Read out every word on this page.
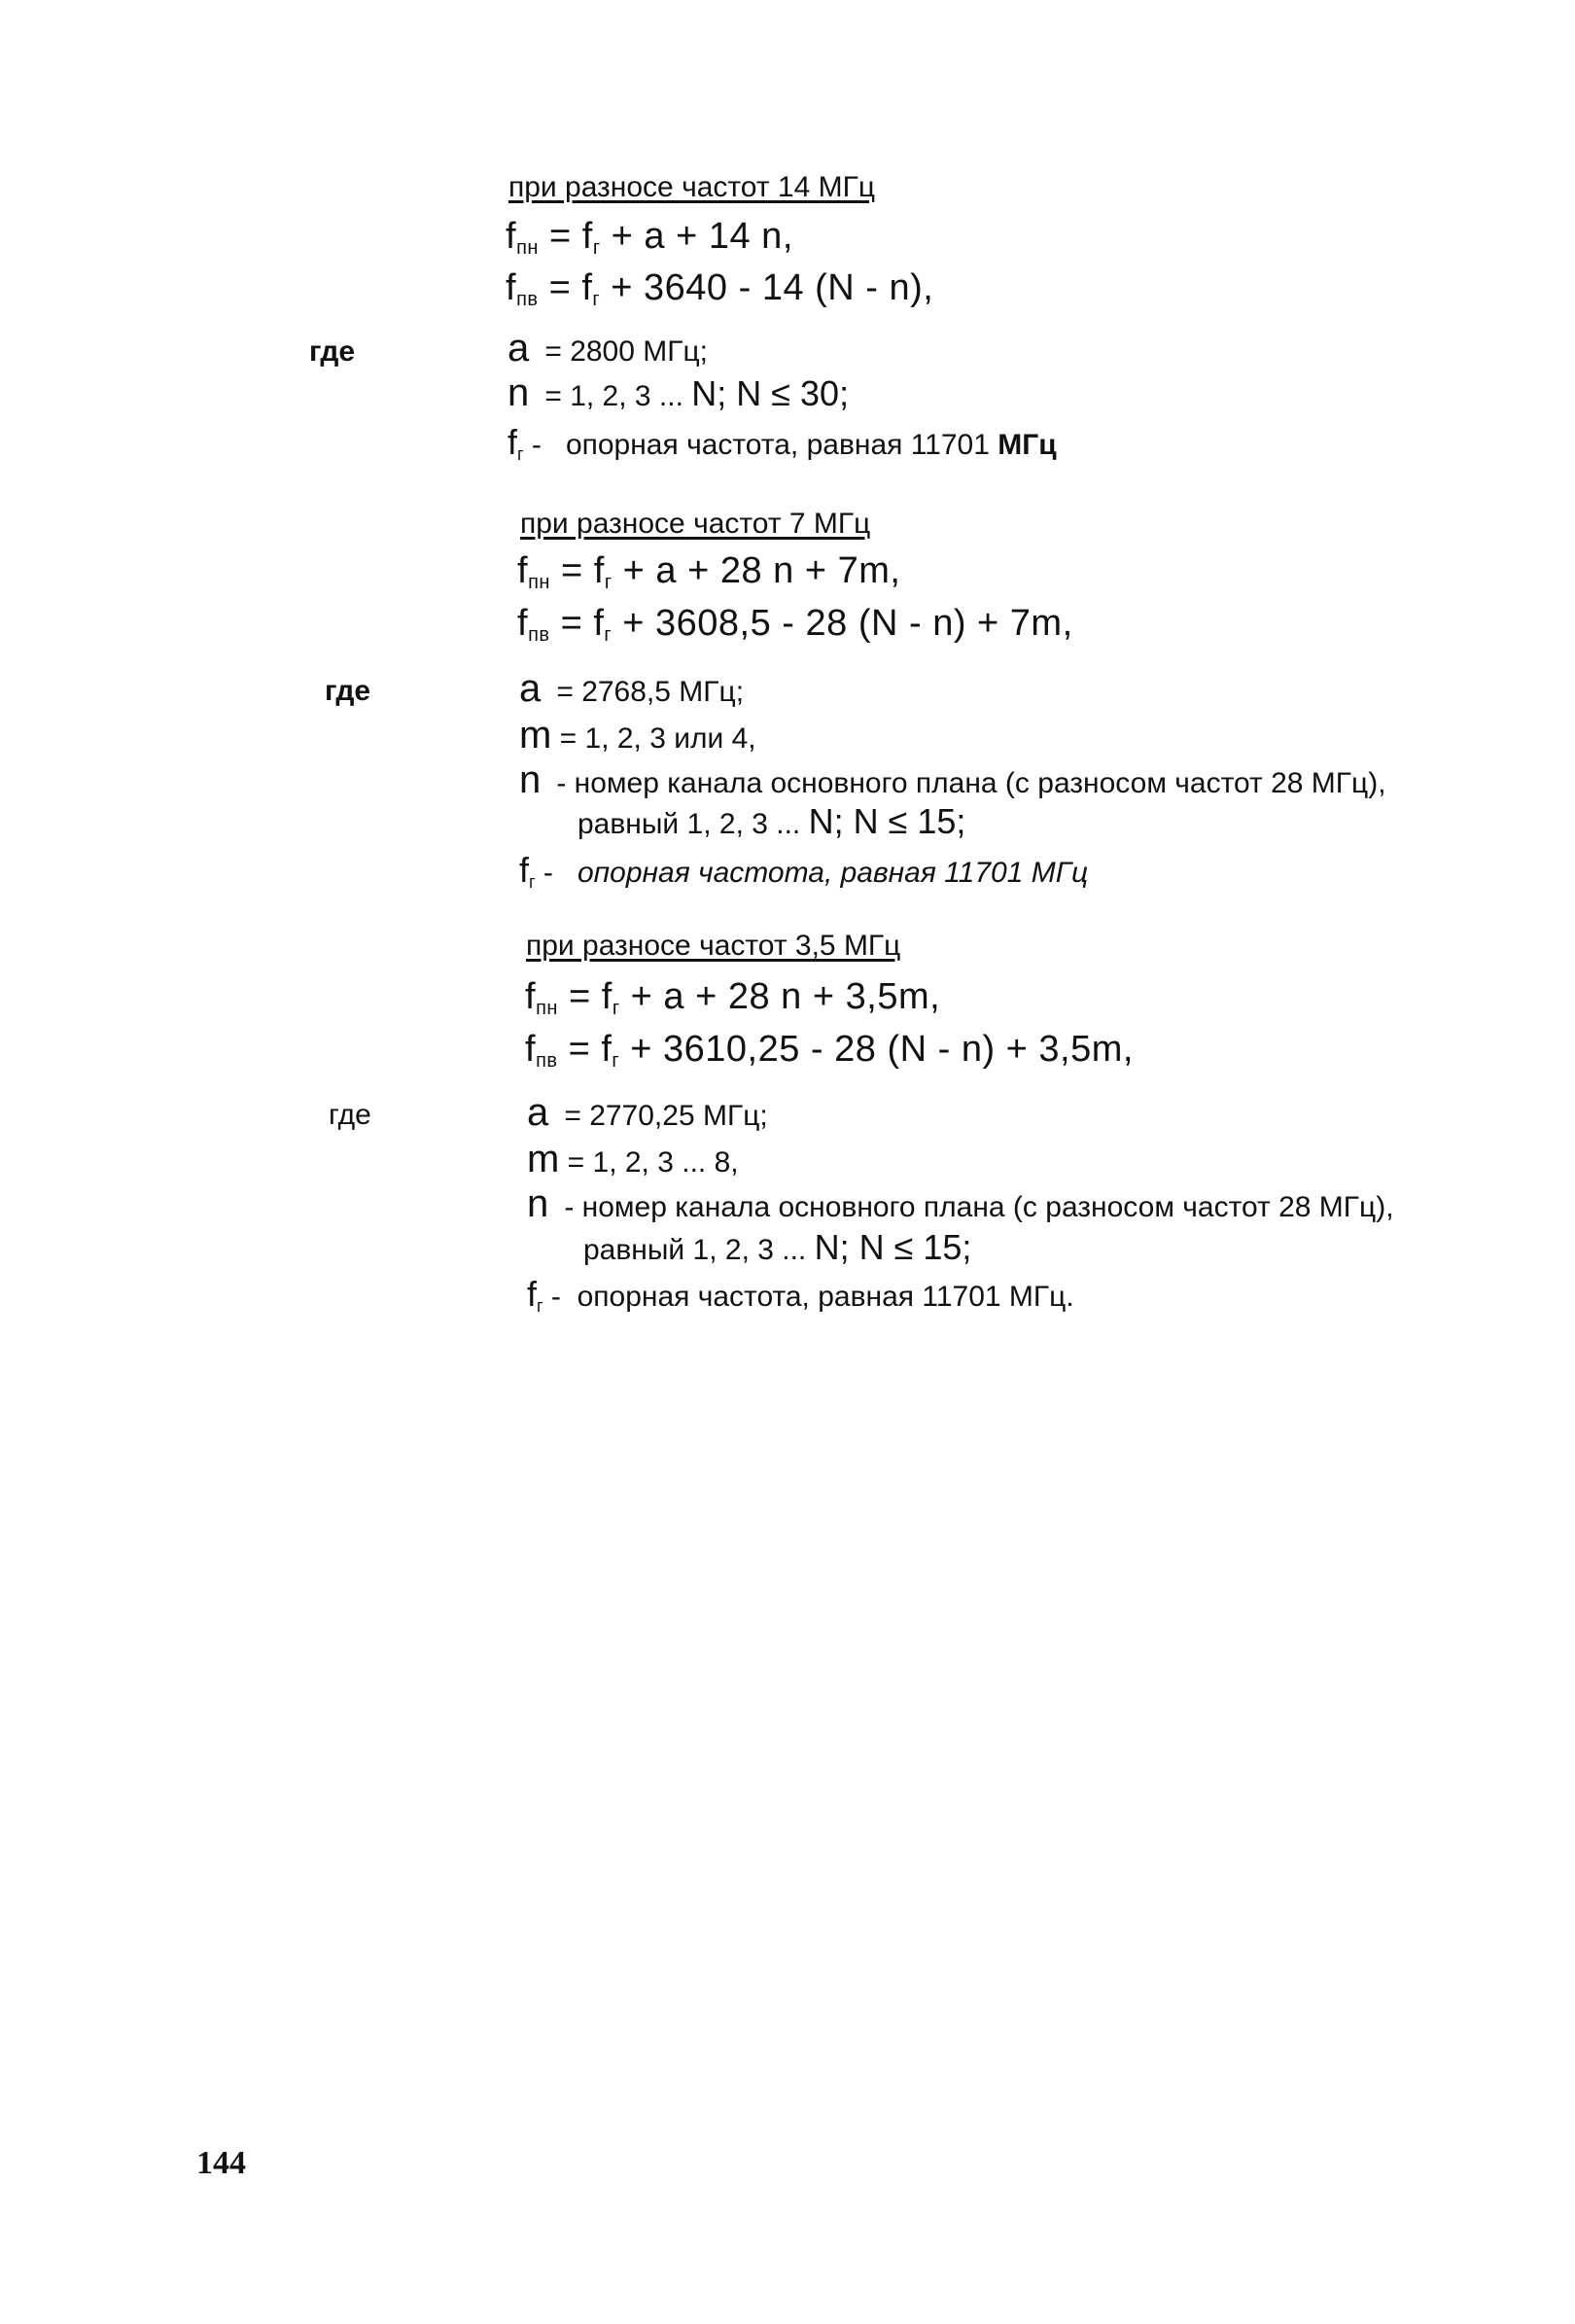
при разносе частот 14 МГц
$f_{пн} = f_г + a + 14$ n,
$f_{пв} = f_г + 3640 - 14$ (N - n),
где	a = 2800 МГц;
n = 1, 2, 3 ... N; N ≤ 30;
$f_г$ - опорная частота, равная 11701 МГц
при разносе частот 7 МГц
$f_{пн} = f_г + a + 28$ n + 7m,
$f_{пв} = f_г + 3608,5 - 28$ (N - n) + 7m,
где	a = 2768,5 МГц;
m = 1, 2, 3 или 4,
n - номер канала основного плана (с разносом частот 28 МГц),
равный 1, 2, 3 ... N; N ≤ 15;
$f_г$ - опорная частота, равная 11701 МГц
при разносе частот 3,5 МГц
$f_{пн} = f_г + a + 28$ n + 3,5m,
$f_{пв} = f_г + 3610,25 - 28$ (N - n) + 3,5m,
где	a = 2770,25 МГц;
m = 1, 2, 3 ... 8,
n - номер канала основного плана (с разносом частот 28 МГц),
равный 1, 2, 3 ... N; N ≤ 15;
$f_г$ - опорная частота, равная 11701 МГц.
144
